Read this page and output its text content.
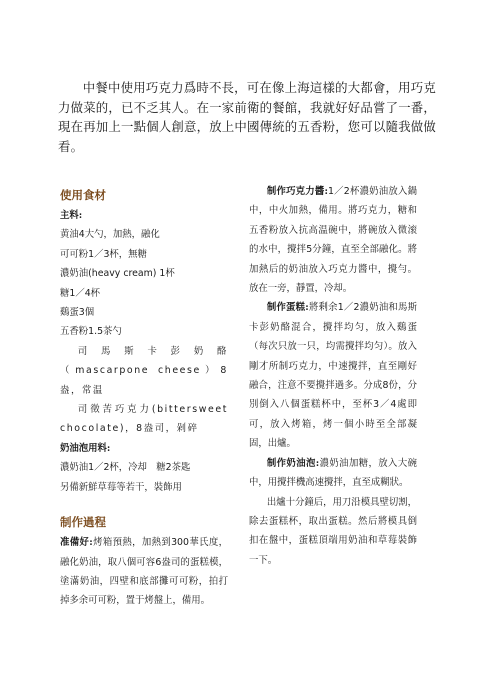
中餐中使用巧克力爲時不長，可在像上海這樣的大都會，用巧克力做菜的，已不乏其人。在一家前衛的餐館，我就好好品嘗了一番，現在再加上一點個人創意，放上中國傳統的五香粉，您可以隨我做做看。

使用食材

主料:

黄油4大勺，加熱，融化

可可粉1／3杯，無糖

濃奶油(heavy cream) 1杯

糖1／4杯

鷄蛋3個

五香粉1.5茶勺

司馬斯卡彭奶酪（mascarpone cheese）8盎，常温

司徵苦巧克力(bittersweet chocolate)，8盎司，剁碎

奶油泡用料:

濃奶油1／2杯，冷却　糖2茶匙

另備新鮮草莓等若干，裝飾用

制作過程

准備好:烤箱預熱，加熱到300華氏度，融化奶油，取八個可容6盎司的蛋糕模，塗滿奶油，四壁和底部攤可可粉，拍打掉多余可可粉，置于烤盤上，備用。

制作巧克力醬:1／2杯濃奶油放入鍋中，中火加熱，備用。將巧克力，糖和五香粉放入抗高温碗中，將碗放入微滚的水中，攪拌5分鐘，直至全部融化。將加熱后的奶油放入巧克力醬中，攪勻。放在一旁，靜置，冷却。

制作蛋糕:將剩余1／2濃奶油和馬斯卡彭奶酪混合，攪拌均匀，放入鷄蛋（每次只放一只，均需攪拌均匀）。放入剛才所制巧克力，中速攪拌，直至剛好融合，注意不要攪拌過多。分成8份，分別倒入八個蛋糕杯中，至杯3／4處即可，放入烤箱，烤一個小時至全部凝固，出爐。

制作奶油泡:濃奶油加糖，放入大碗中，用攪拌機高速攪拌，直至成糊狀。

出爐十分鐘后，用刀沿模具壁切割，除去蛋糕杯，取出蛋糕。然后將模具倒扣在盤中，蛋糕頂端用奶油和草莓裝飾一下。
